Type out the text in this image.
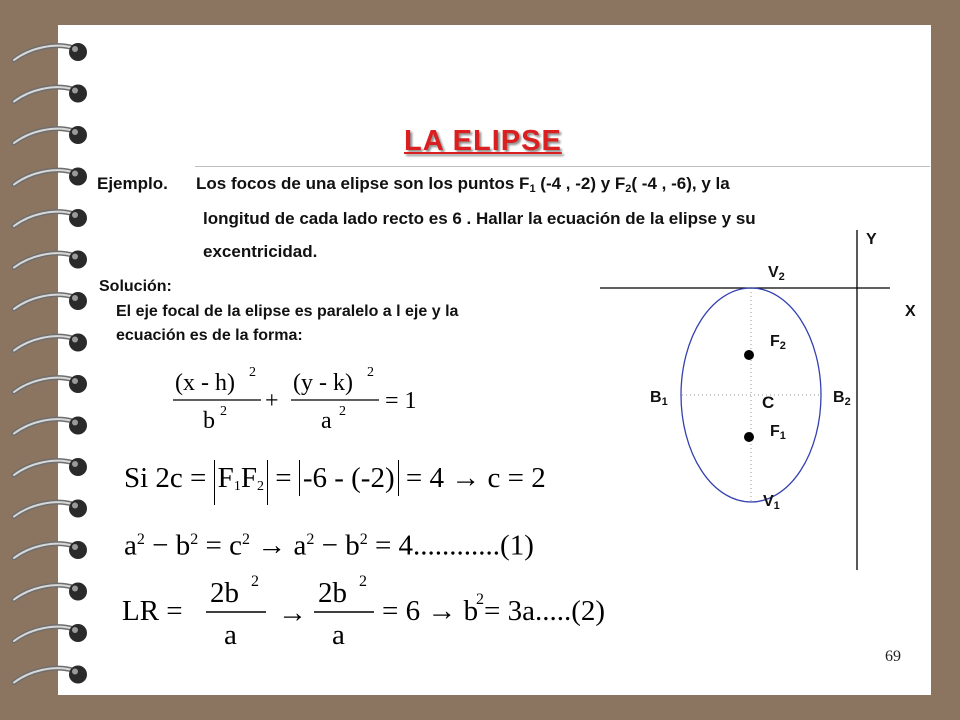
LA ELIPSE
Ejemplo. Los focos de una elipse son los puntos $F_1$ (-4 , -2) y $F_2$( -4 , -6), y la
longitud de cada lado recto es 6 . Hallar la ecuación de la elipse y su
excentricidad.
Solución:
El eje focal de la elipse es paralelo a l eje y la
ecuación es de la forma:
(x - h) 2
b 2 +
(y - k) 2
a 2 = 1
Si $2c = F_1F_2 = -6 - (-2) = 4 \to c = 2$
$a^2 - b^2 = c^2 \to a^2 - b^2 = 4............(1)$
LR =
2b 2
a
→
2b 2
a
= 6 → b
2 = 3a.....(2)
Y
X
$V_2$
$F_2$
$B_1$	C	$B_2$
$F_1$
$V_1$
69
